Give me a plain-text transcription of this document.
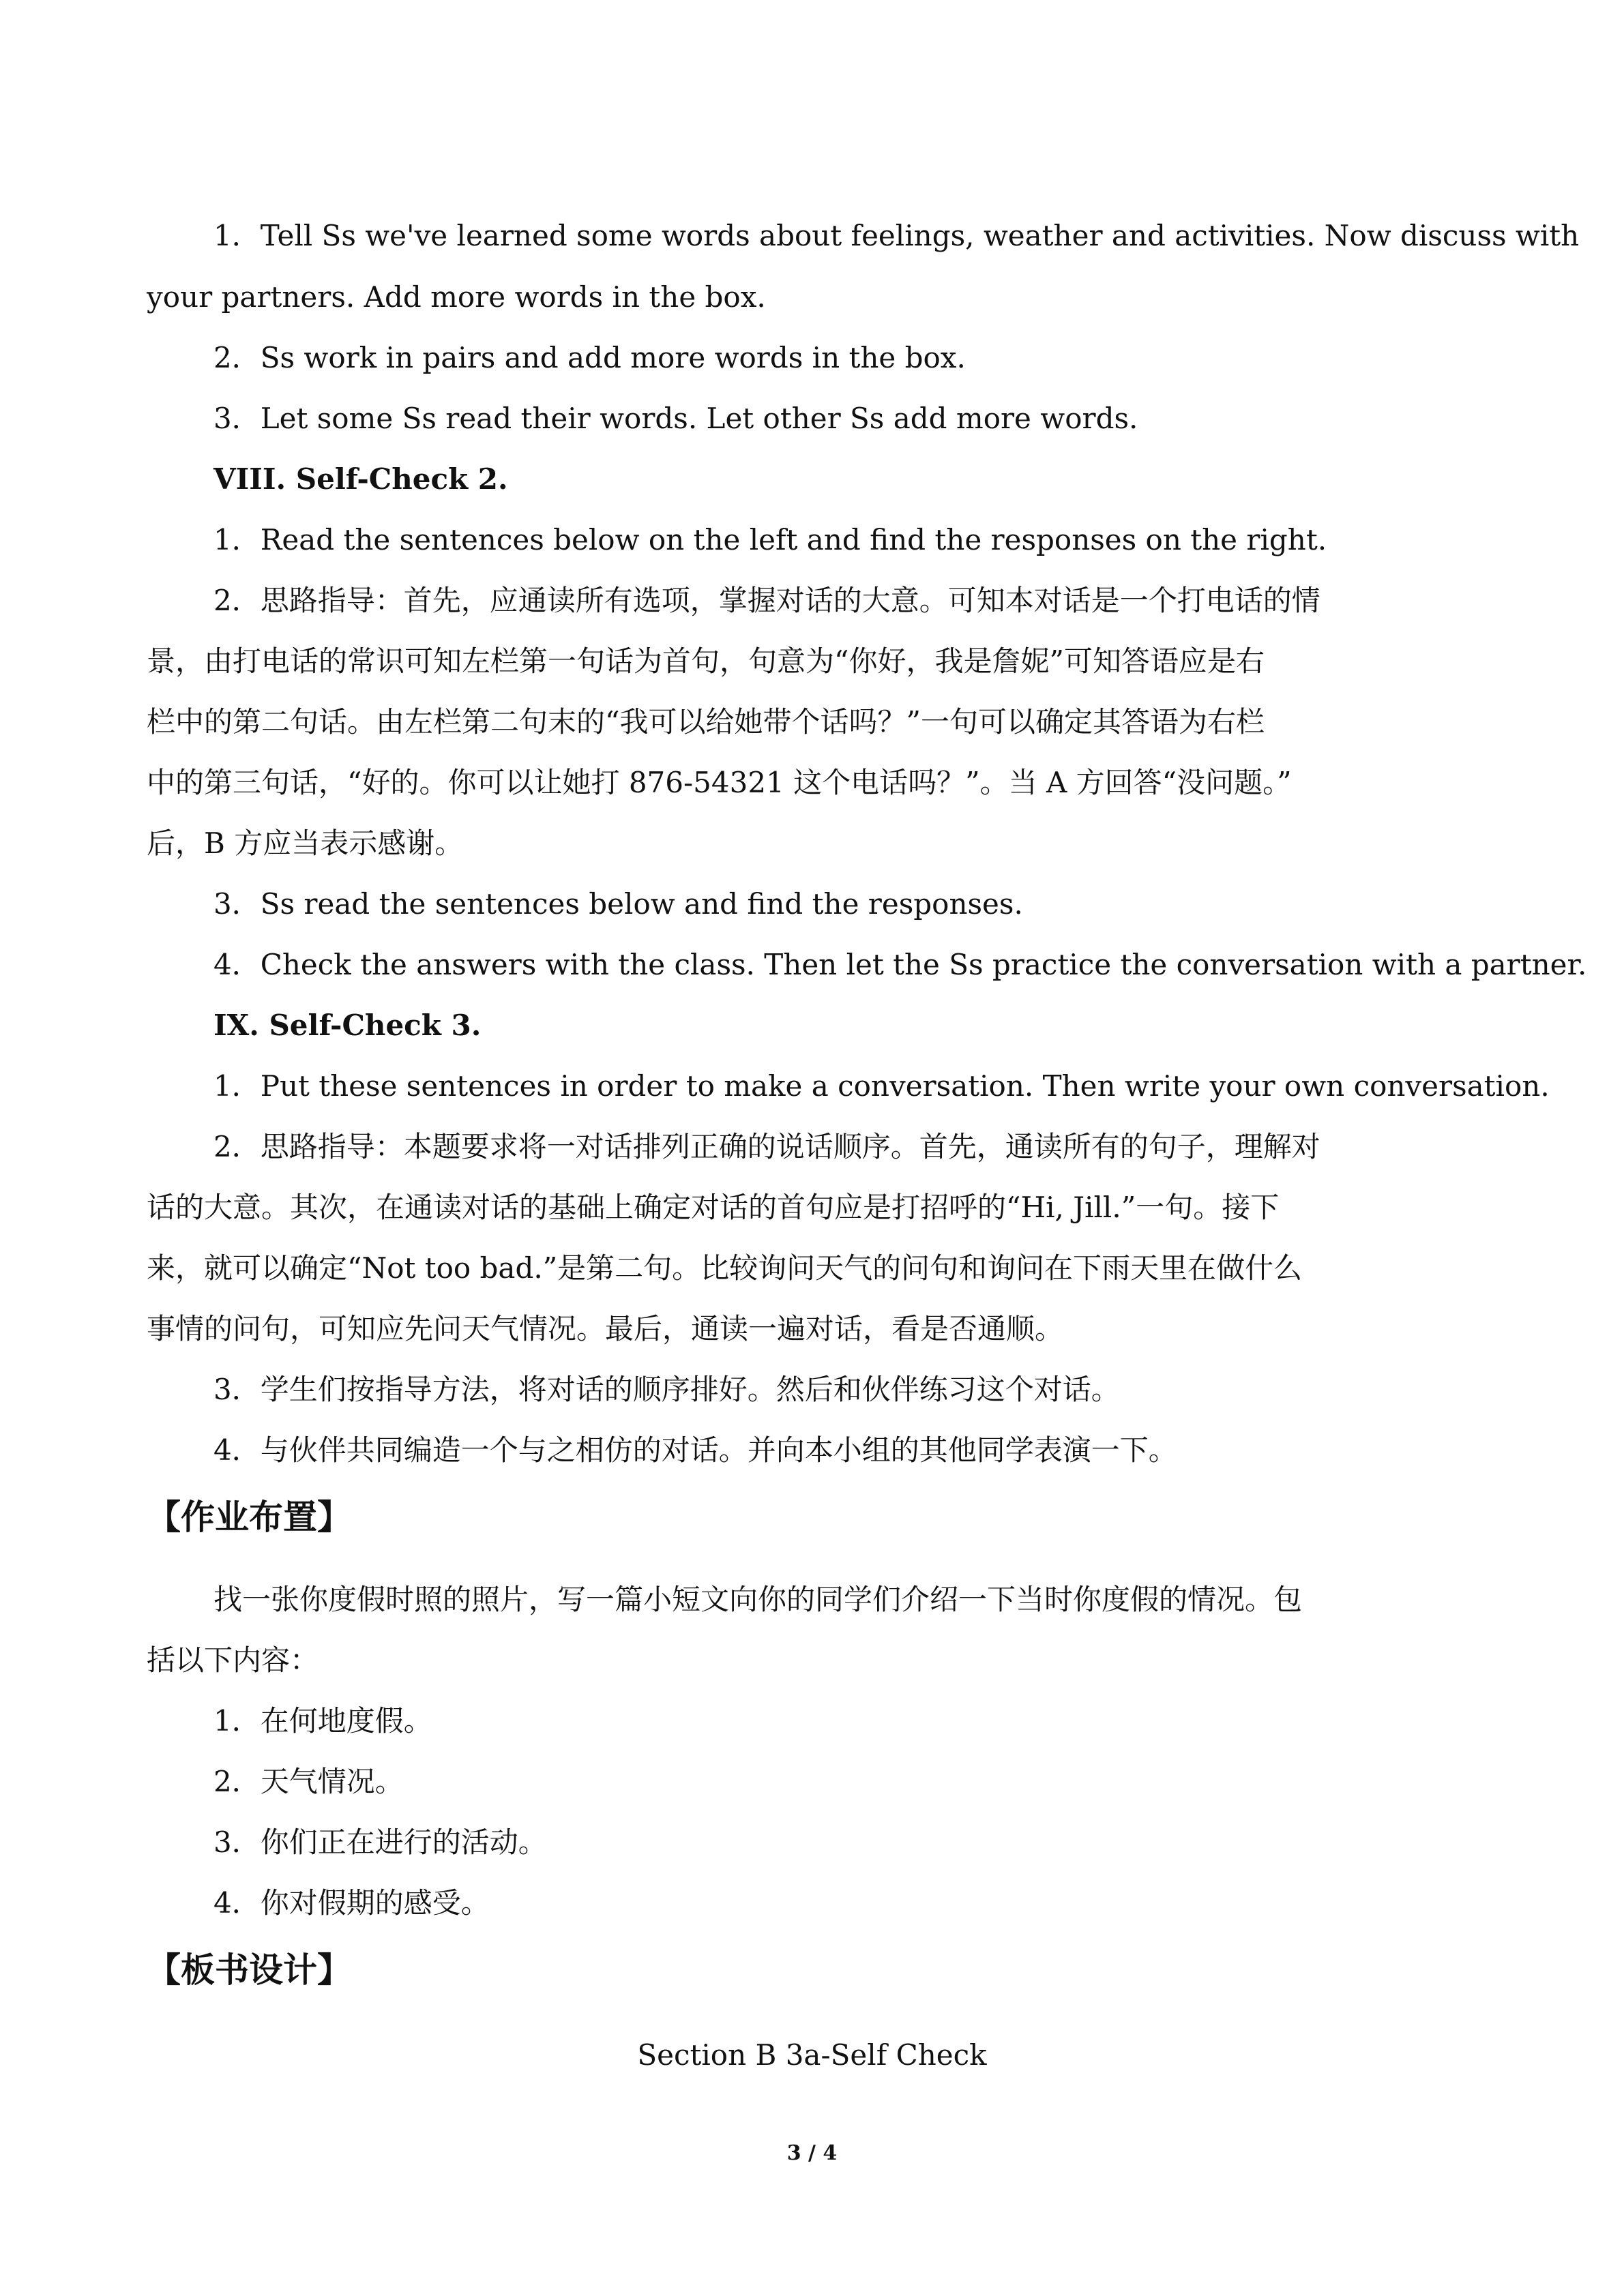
1．Tell Ss we've learned some words about feelings, weather and activities. Now discuss with
your partners. Add more words in the box.
2．Ss work in pairs and add more words in the box.
3．Let some Ss read their words. Let other Ss add more words.
VIII. Self-Check 2.
1．Read the sentences below on the left and find the responses on the right.
2．思路指导：首先，应通读所有选项，掌握对话的大意。可知本对话是一个打电话的情
景，由打电话的常识可知左栏第一句话为首句，句意为“你好，我是詹妮”可知答语应是右
栏中的第二句话。由左栏第二句末的“我可以给她带个话吗？”一句可以确定其答语为右栏
中的第三句话，“好的。你可以让她打 876-54321 这个电话吗？”。当 A 方回答“没问题。”
后，B 方应当表示感谢。
3．Ss read the sentences below and find the responses.
4．Check the answers with the class. Then let the Ss practice the conversation with a partner.
IX. Self-Check 3.
1．Put these sentences in order to make a conversation. Then write your own conversation.
2．思路指导：本题要求将一对话排列正确的说话顺序。首先，通读所有的句子，理解对
话的大意。其次，在通读对话的基础上确定对话的首句应是打招呼的“Hi, Jill.”一句。接下
来，就可以确定“Not too bad.”是第二句。比较询问天气的问句和询问在下雨天里在做什么
事情的问句，可知应先问天气情况。最后，通读一遍对话，看是否通顺。
3．学生们按指导方法，将对话的顺序排好。然后和伙伴练习这个对话。
4．与伙伴共同编造一个与之相仿的对话。并向本小组的其他同学表演一下。
【作业布置】
找一张你度假时照的照片，写一篇小短文向你的同学们介绍一下当时你度假的情况。包
括以下内容：
1．在何地度假。
2．天气情况。
3．你们正在进行的活动。
4．你对假期的感受。
【板书设计】
Section B 3a-Self Check
3 / 4
